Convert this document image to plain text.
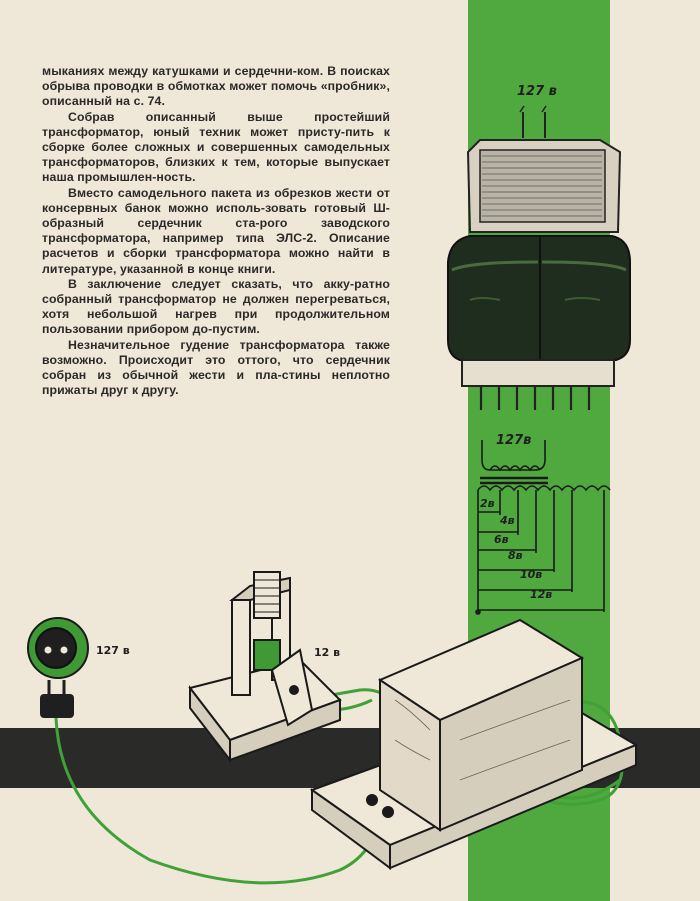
мыканиях между катушками и сердечни-ком. В поисках обрыва проводки в обмотках может помочь «пробник», описанный на с. 74.

Собрав описанный выше простейший трансформатор, юный техник может присту-пить к сборке более сложных и совершенных самодельных трансформаторов, близких к тем, которые выпускает наша промышлен-ность.

Вместо самодельного пакета из обрезков жести от консервных банок можно исполь-зовать готовый Ш-образный сердечник ста-рого заводского трансформатора, например типа ЭЛС-2. Описание расчетов и сборки трансформатора можно найти в литературе, указанной в конце книги.

В заключение следует сказать, что акку-ратно собранный трансформатор не должен перегреваться, хотя небольшой нагрев при продолжительном пользовании прибором до-пустим.

Незначительное гудение трансформатора также возможно. Происходит это оттого, что сердечник собран из обычной жести и пла-стины неплотно прижаты друг к другу.

127 в
127в
2в
4в
6в
8в
10в
12в
127 в	12 в
